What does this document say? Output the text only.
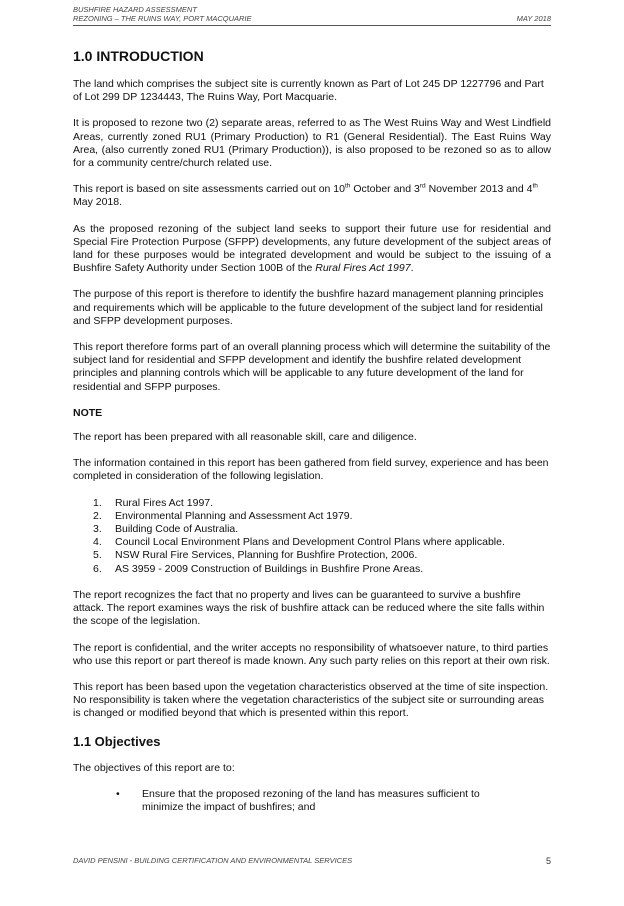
BUSHFIRE HAZARD ASSESSMENT
REZONING – THE RUINS WAY, PORT MACQUARIE	MAY 2018
1.0 INTRODUCTION

The land which comprises the subject site is currently known as Part of Lot 245 DP 1227796 and Part of Lot 299 DP 1234443, The Ruins Way, Port Macquarie.

It is proposed to rezone two (2) separate areas, referred to as The West Ruins Way and West Lindfield Areas, currently zoned RU1 (Primary Production) to R1 (General Residential). The East Ruins Way Area, (also currently zoned RU1 (Primary Production)), is also proposed to be rezoned so as to allow for a community centre/church related use.

This report is based on site assessments carried out on 10th October and 3rd November 2013 and 4th May 2018.

As the proposed rezoning of the subject land seeks to support their future use for residential and Special Fire Protection Purpose (SFPP) developments, any future development of the subject areas of land for these purposes would be integrated development and would be subject to the issuing of a Bushfire Safety Authority under Section 100B of the Rural Fires Act 1997.

The purpose of this report is therefore to identify the bushfire hazard management planning principles and requirements which will be applicable to the future development of the subject land for residential and SFPP development purposes.

This report therefore forms part of an overall planning process which will determine the suitability of the subject land for residential and SFPP development and identify the bushfire related development principles and planning controls which will be applicable to any future development of the land for residential and SFPP purposes.

NOTE

The report has been prepared with all reasonable skill, care and diligence.

The information contained in this report has been gathered from field survey, experience and has been completed in consideration of the following legislation.

1. Rural Fires Act 1997.
2. Environmental Planning and Assessment Act 1979.
3. Building Code of Australia.
4. Council Local Environment Plans and Development Control Plans where applicable.
5. NSW Rural Fire Services, Planning for Bushfire Protection, 2006.
6. AS 3959 - 2009 Construction of Buildings in Bushfire Prone Areas.

The report recognizes the fact that no property and lives can be guaranteed to survive a bushfire attack. The report examines ways the risk of bushfire attack can be reduced where the site falls within the scope of the legislation.

The report is confidential, and the writer accepts no responsibility of whatsoever nature, to third parties who use this report or part thereof is made known. Any such party relies on this report at their own risk.

This report has been based upon the vegetation characteristics observed at the time of site inspection. No responsibility is taken where the vegetation characteristics of the subject site or surrounding areas is changed or modified beyond that which is presented within this report.

1.1 Objectives

The objectives of this report are to:

• Ensure that the proposed rezoning of the land has measures sufficient to minimize the impact of bushfires; and
DAVID PENSINI - BUILDING CERTIFICATION AND ENVIRONMENTAL SERVICES	5
